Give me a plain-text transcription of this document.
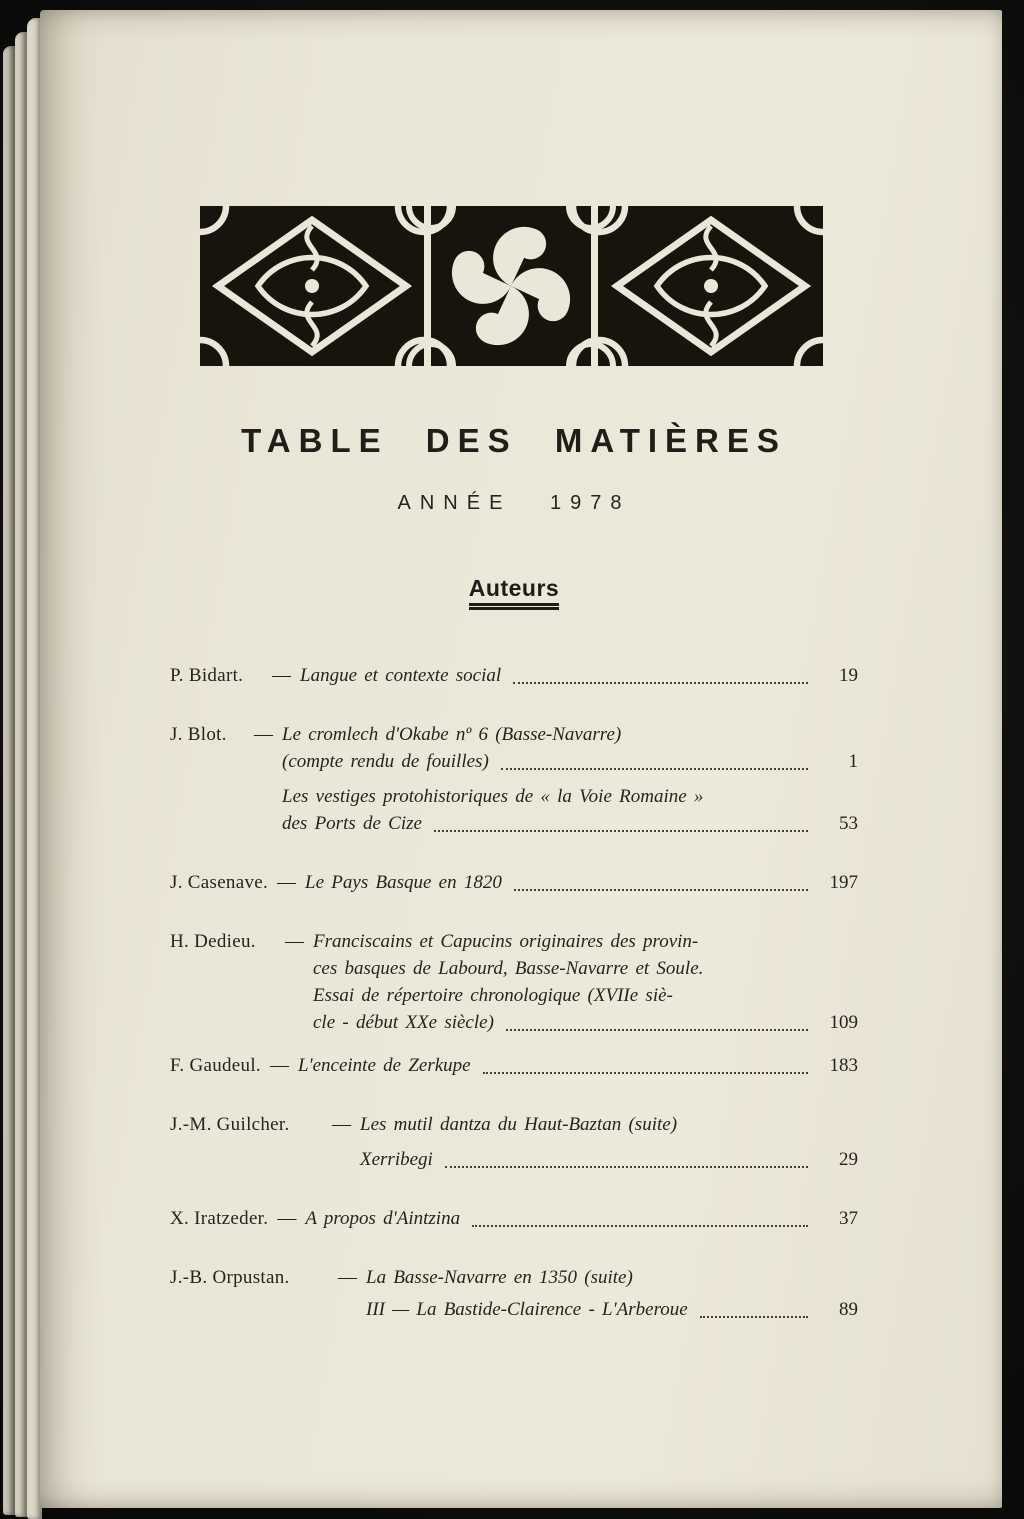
TABLE DES MATIÈRES
ANNÉE 1978
Auteurs
P. Bidart. — Langue et contexte social	19
J. Blot. — Le cromlech d'Okabe nº 6 (Basse-Navarre)
(compte rendu de fouilles)	1
Les vestiges protohistoriques de « la Voie Romaine »
des Ports de Cize	53
J. Casenave. — Le Pays Basque en 1820	197
H. Dedieu. — Franciscains et Capucins originaires des provin-
ces basques de Labourd, Basse-Navarre et Soule.
Essai de répertoire chronologique (XVIIe siè-
cle - début XXe siècle)	109
F. Gaudeul. — L'enceinte de Zerkupe	183
J.-M. Guilcher. — Les mutil dantza du Haut-Baztan (suite)
Xerribegi	29
X. Iratzeder. — A propos d'Aintzina	37
J.-B. Orpustan.	— La Basse-Navarre en 1350 (suite)
III — La Bastide-Clairence - L'Arberoue	89
